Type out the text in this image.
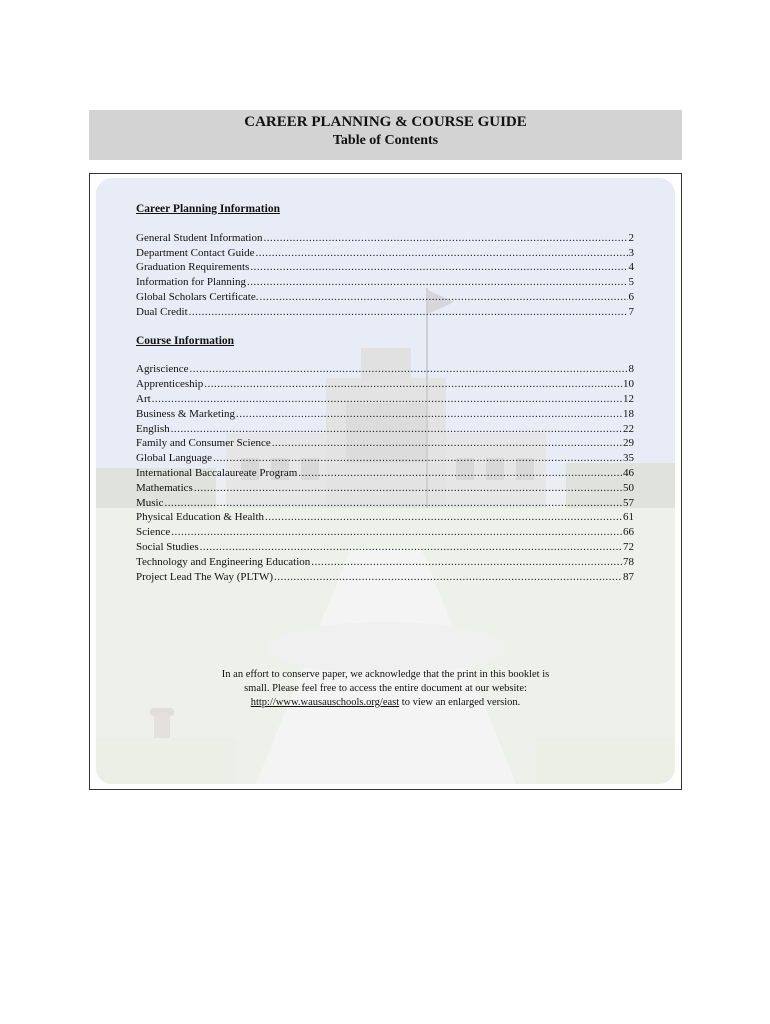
CAREER PLANNING & COURSE GUIDE
Table of Contents
Career Planning Information
General Student Information .....	2
Department Contact Guide .....	3
Graduation Requirements .....	4
Information for Planning .....	5
Global Scholars Certificate. .....	6
Dual Credit .....	7
Course Information
Agriscience .....	8
Apprenticeship .....	10
Art .....	12
Business & Marketing .....	18
English .....	22
Family and Consumer Science .....	29
Global Language .....	35
International Baccalaureate Program .....	46
Mathematics .....	50
Music .....	57
Physical Education & Health .....	61
Science .....	66
Social Studies .....	72
Technology and Engineering Education .....	78
Project Lead The Way (PLTW) .....	87
In an effort to conserve paper, we acknowledge that the print in this booklet is
small. Please feel free to access the entire document at our website:
http://www.wausauschools.org/east to view an enlarged version.
